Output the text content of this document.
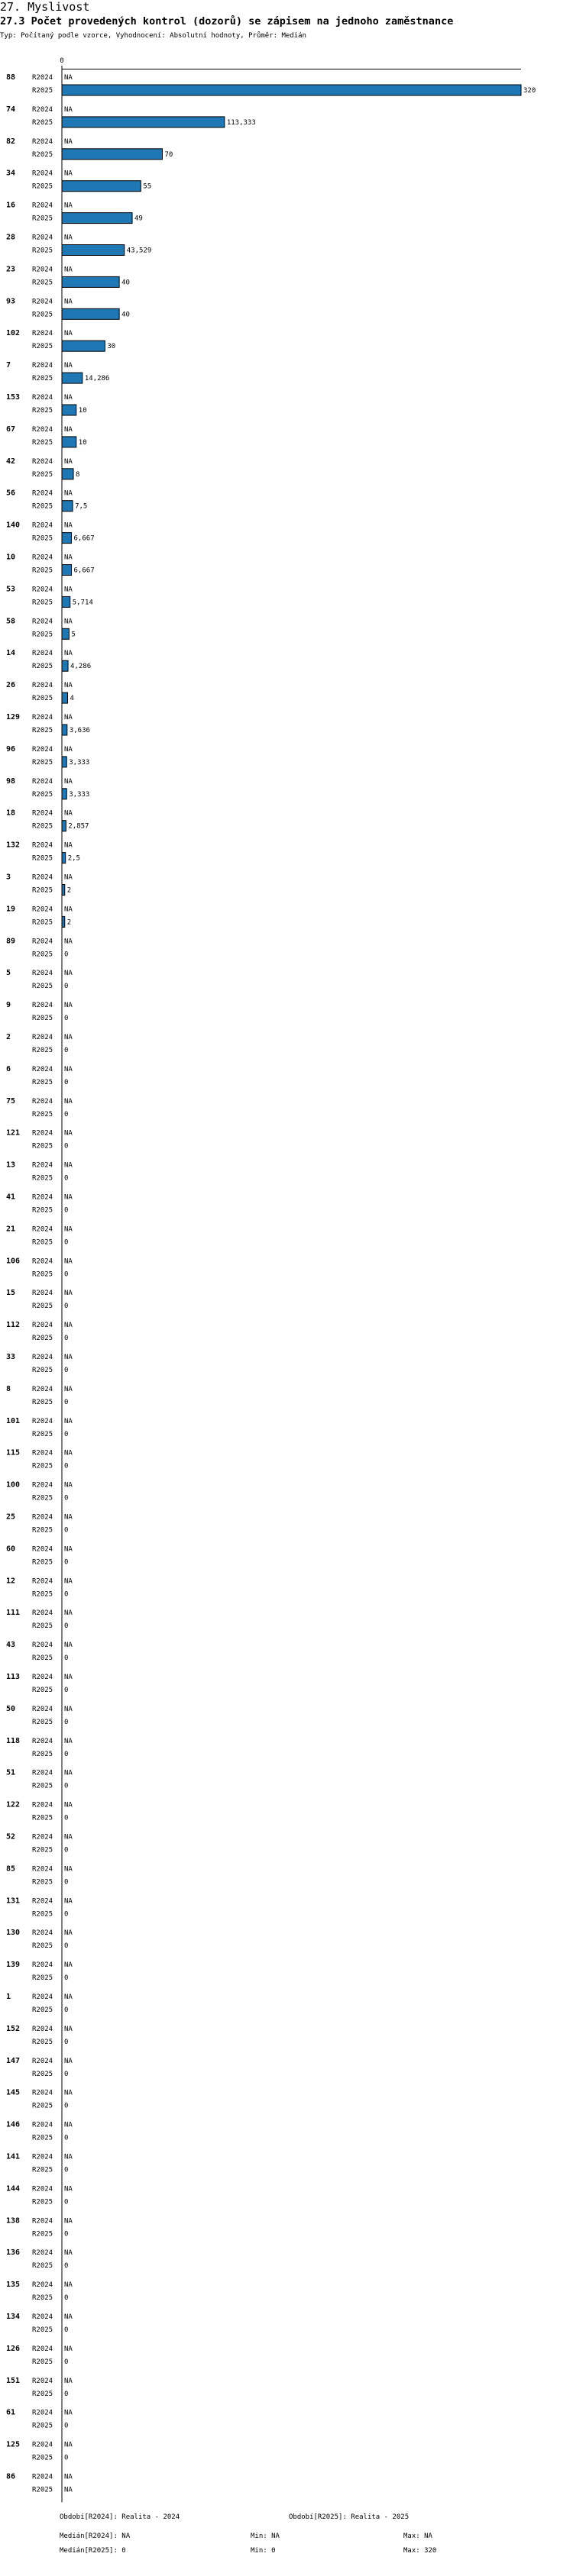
27. Myslivost
27.3 Počet provedených kontrol (dozorů) se zápisem na jednoho zaměstnance
Typ: Počítaný podle vzorce, Vyhodnocení: Absolutní hodnoty, Průměr: Medián
0
88 R2024
R2025
NA
320
74 R2024
R2025
NA
113,333
82 R2024
R2025
NA
70
34 R2024
R2025
NA
55
16 R2024
R2025
NA
49
28 R2024
R2025
NA
43,529
23 R2024
R2025
NA
40
93 R2024
R2025
NA
40
102 R2024
R2025
NA
30
7	R2024
R2025
NA
14,286
153 R2024
R2025
NA
10
67 R2024
R2025
NA
10
42 R2024
R2025
NA
8
56 R2024
R2025
NA
7,5
140 R2024
R2025
NA
6,667
10 R2024
R2025
NA
6,667
53 R2024
R2025
NA
5,714
58 R2024
R2025
NA
5
14 R2024
R2025
NA
4,286
26 R2024
R2025
NA
4
129 R2024
R2025
NA
3,636
96 R2024
R2025
NA
3,333
98 R2024
R2025
NA
3,333
18 R2024
R2025
NA
2,857
132 R2024
R2025
NA
2,5
3	R2024
R2025
NA
2
19 R2024
R2025
NA
2
89 R2024
R2025
NA
0
5	R2024
R2025
NA
0
9	R2024
R2025
NA
0
2	R2024
R2025
NA
0
6	R2024
R2025
NA
0
75 R2024
R2025
NA
0
121 R2024
R2025
NA
0
13 R2024
R2025
NA
0
41 R2024
R2025
NA
0
21 R2024
R2025
NA
0
106 R2024
R2025
NA
0
15 R2024
R2025
NA
0
112 R2024
R2025
NA
0
33 R2024
R2025
NA
0
8	R2024
R2025
NA
0
101 R2024
R2025
NA
0
115 R2024
R2025
NA
0
100 R2024
R2025
NA
0
25 R2024
R2025
NA
0
60 R2024
R2025
NA
0
12 R2024
R2025
NA
0
111 R2024
R2025
NA
0
43 R2024
R2025
NA
0
113 R2024
R2025
NA
0
50 R2024
R2025
NA
0
118 R2024
R2025
NA
0
51 R2024
R2025
NA
0
122 R2024
R2025
NA
0
52 R2024
R2025
NA
0
85 R2024
R2025
NA
0
131 R2024
R2025
NA
0
130 R2024
R2025
NA
0
139 R2024
R2025
NA
0
1	R2024
R2025
NA
0
152 R2024
R2025
NA
0
147 R2024
R2025
NA
0
145 R2024
R2025
NA
0
146 R2024
R2025
NA
0
141 R2024
R2025
NA
0
144 R2024
R2025
NA
0
138 R2024
R2025
NA
0
136 R2024
R2025
NA
0
135 R2024
R2025
NA
0
134 R2024
R2025
NA
0
126 R2024
R2025
NA
0
151 R2024
R2025
NA
0
61 R2024
R2025
NA
0
125 R2024
R2025
NA
0
86 R2024
R2025
NA
NA
Období[R2024]: Realita - 2024	Období[R2025]: Realita - 2025
Medián[R2024]: NA	Min: NA	Max: NA
Medián[R2025]: 0	Min: 0	Max: 320
